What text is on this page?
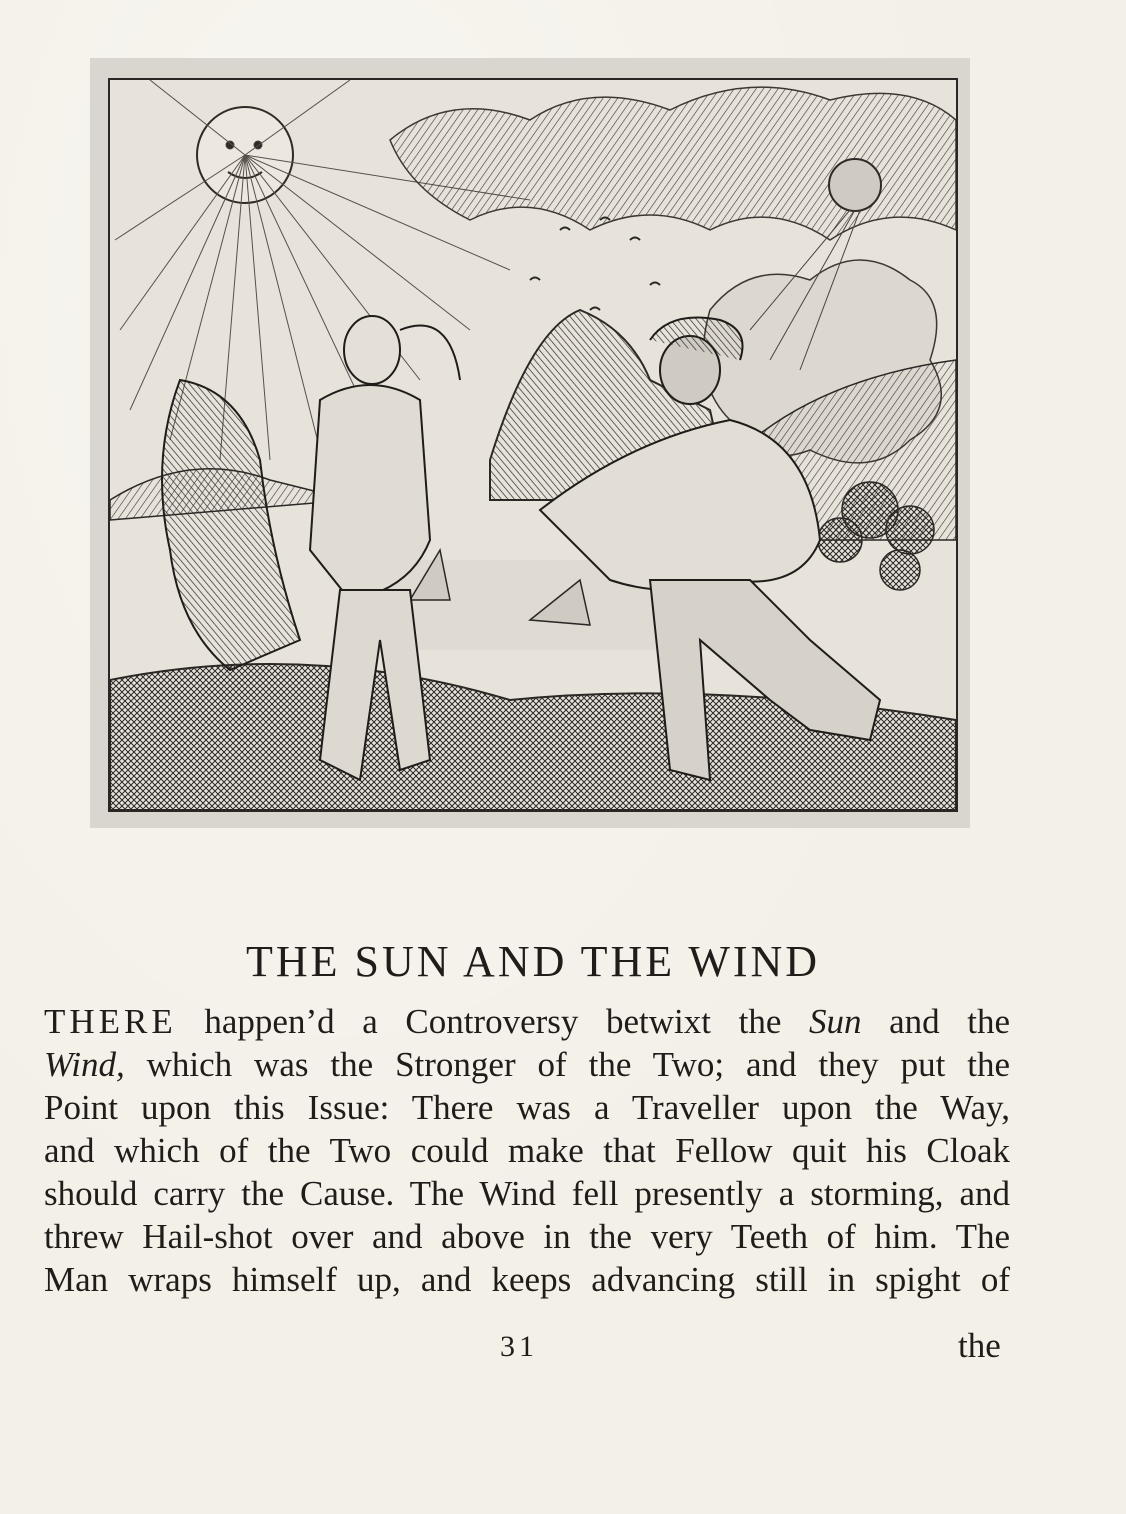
THE SUN AND THE WIND
THERE happen’d a Controversy betwixt the Sun and the
Wind, which was the Stronger of the Two; and they put the
Point upon this Issue: There was a Traveller upon the Way,
and which of the Two could make that Fellow quit his Cloak
should carry the Cause. The Wind fell presently a storming, and
threw Hail-shot over and above in the very Teeth of him. The
Man wraps himself up, and keeps advancing still in spight of
31	the
